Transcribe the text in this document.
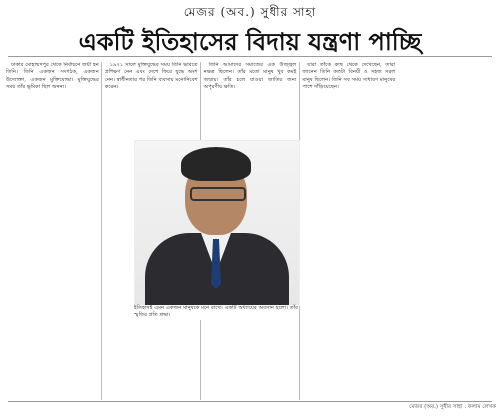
মেজর (অব.) সুধীর সাহা
একটি ইতিহাসের বিদায় যন্ত্রণা পাচ্ছি

ঢাকার মোহাম্মদপুর থেকে নির্বাচনে জয়ী হন তিনি। তিনি একজন সংগঠক, একজন উদ্যোক্তা, একজন মুক্তিযোদ্ধা। মুক্তিযুদ্ধের সময় তাঁর ভূমিকা ছিল অনন্য।

১৯৭১ সালে মুক্তিযুদ্ধের সময় তিনি ভারতে প্রশিক্ষণ নেন এবং দেশে ফিরে যুদ্ধে অংশ নেন। স্বাধীনতার পর তিনি ব্যবসায় মনোনিবেশ করেন।

তিনি আমাদের সমাজের এক উজ্জ্বল নক্ষত্র ছিলেন। তাঁর মতো মানুষ খুব কমই জন্মায়। তাঁর চলে যাওয়া জাতির জন্য অপূরণীয় ক্ষতি।

যারা তাঁকে কাছ থেকে দেখেছেন, তারা জানেন তিনি কতটা বিনয়ী ও সহজ সরল মানুষ ছিলেন। তিনি সব সময় সাধারণ মানুষের পাশে দাঁড়িয়েছেন।

ইতিহাসই এমন একজন মানুষকে মনে রাখে। একটি অধ্যায়ের অবসান হলো। তাঁর স্মৃতির প্রতি শ্রদ্ধা।
মেজর (অব.) সুধীর সাহা : কলাম লেখক
